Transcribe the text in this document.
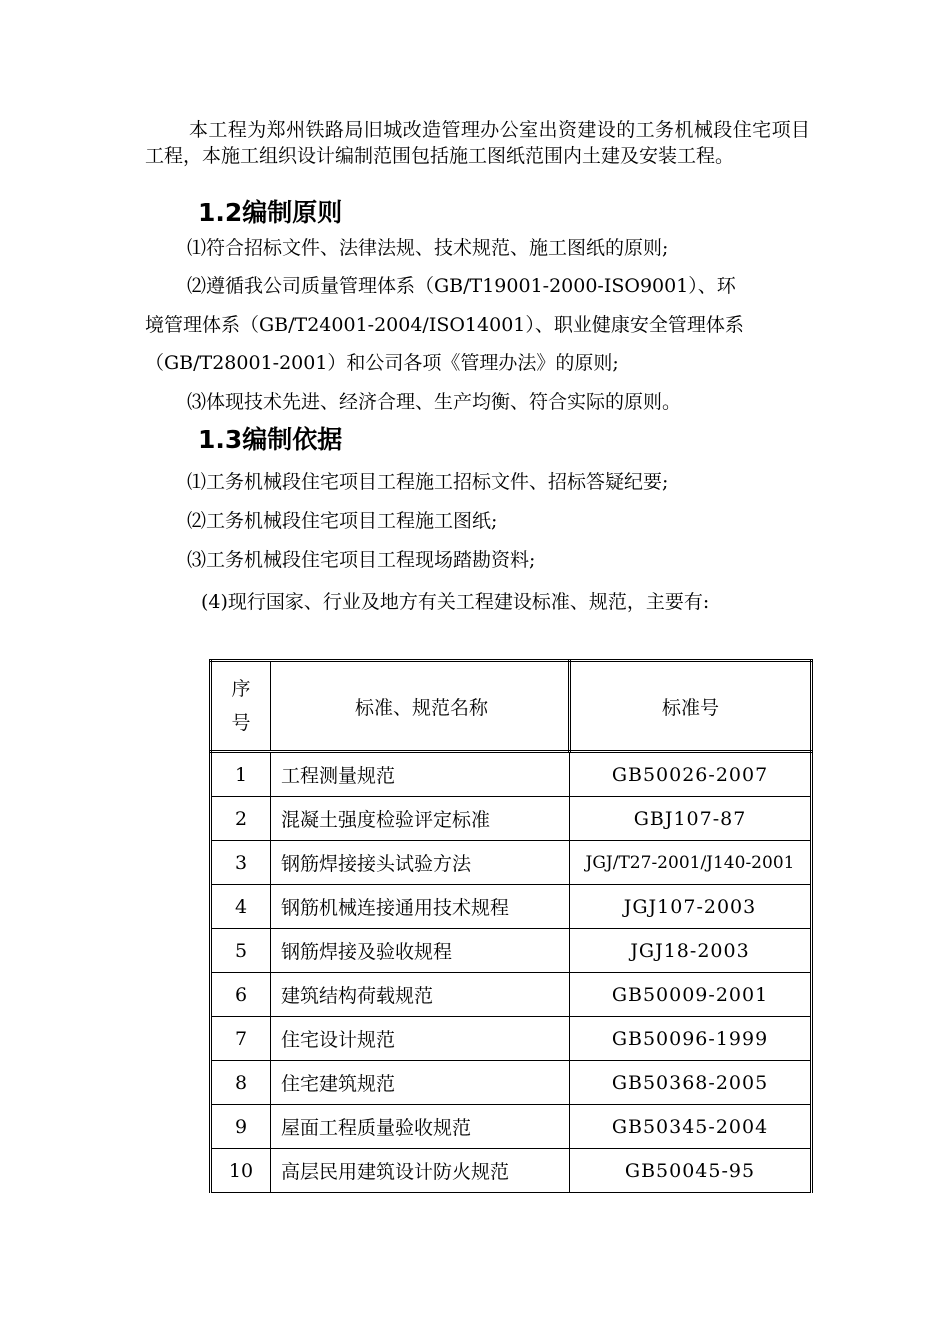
本工程为郑州铁路局旧城改造管理办公室出资建设的工务机械段住宅项目工程，本施工组织设计编制范围包括施工图纸范围内土建及安装工程。

1.2编制原则

⑴符合招标文件、法律法规、技术规范、施工图纸的原则;

⑵遵循我公司质量管理体系（GB/T19001-2000-ISO9001）、环

境管理体系（GB/T24001-2004/ISO14001）、职业健康安全管理体系

（GB/T28001-2001）和公司各项《管理办法》的原则;

⑶体现技术先进、经济合理、生产均衡、符合实际的原则。

1.3编制依据

⑴工务机械段住宅项目工程施工招标文件、招标答疑纪要;

⑵工务机械段住宅项目工程施工图纸;

⑶工务机械段住宅项目工程现场踏勘资料;

(4)现行国家、行业及地方有关工程建设标准、规范，主要有:

序
号	标准、规范名称	标准号
1	工程测量规范	GB50026-2007
2	混凝土强度检验评定标准	GBJ107-87
3	钢筋焊接接头试验方法	JGJ/T27-2001/J140-2001
4	钢筋机械连接通用技术规程	JGJ107-2003
5	钢筋焊接及验收规程	JGJ18-2003
6	建筑结构荷载规范	GB50009-2001
7	住宅设计规范	GB50096-1999
8	住宅建筑规范	GB50368-2005
9	屋面工程质量验收规范	GB50345-2004
10	高层民用建筑设计防火规范	GB50045-95
